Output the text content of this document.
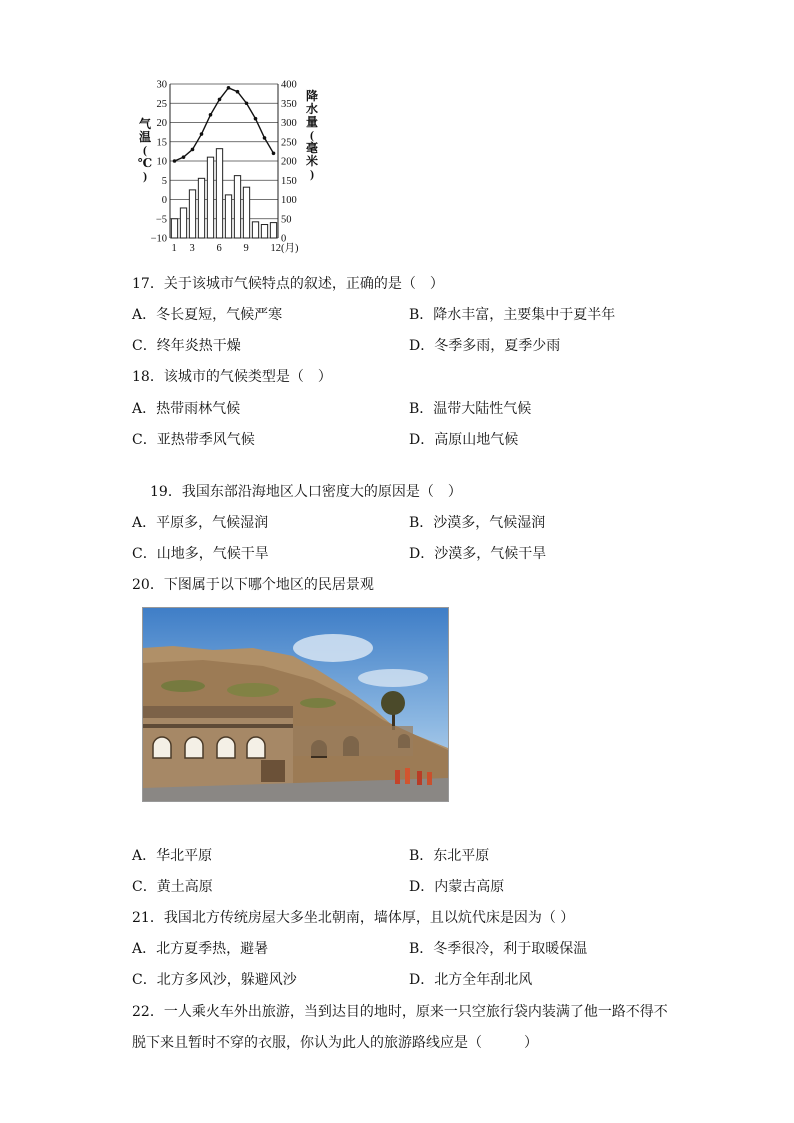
30
25
20
15
10
5
0
−5
−10
400
350
300
250
200
150
100
50
0
1 3 6 9 12(月)
气
温
(
℃
)
降
水
量
(
毫
米
)
17．关于该城市气候特点的叙述，正确的是（　）
A．冬长夏短，气候严寒	B．降水丰富，主要集中于夏半年
C．终年炎热干燥	D．冬季多雨，夏季少雨
18．该城市的气候类型是（　）
A．热带雨林气候	B．温带大陆性气候
C．亚热带季风气候	D．高原山地气候
19．我国东部沿海地区人口密度大的原因是（　）
A．平原多，气候湿润	B．沙漠多，气候湿润
C．山地多，气候干旱	D．沙漠多，气候干旱
20．下图属于以下哪个地区的民居景观
A．华北平原	B．东北平原
C．黄土高原	D．内蒙古高原
21．我国北方传统房屋大多坐北朝南，墙体厚，且以炕代床是因为（ ）
A．北方夏季热，避暑	B．冬季很冷，利于取暖保温
C．北方多风沙，躲避风沙	D．北方全年刮北风
22．一人乘火车外出旅游，当到达目的地时，原来一只空旅行袋内装满了他一路不得不
脱下来且暂时不穿的衣服，你认为此人的旅游路线应是（　　　）
